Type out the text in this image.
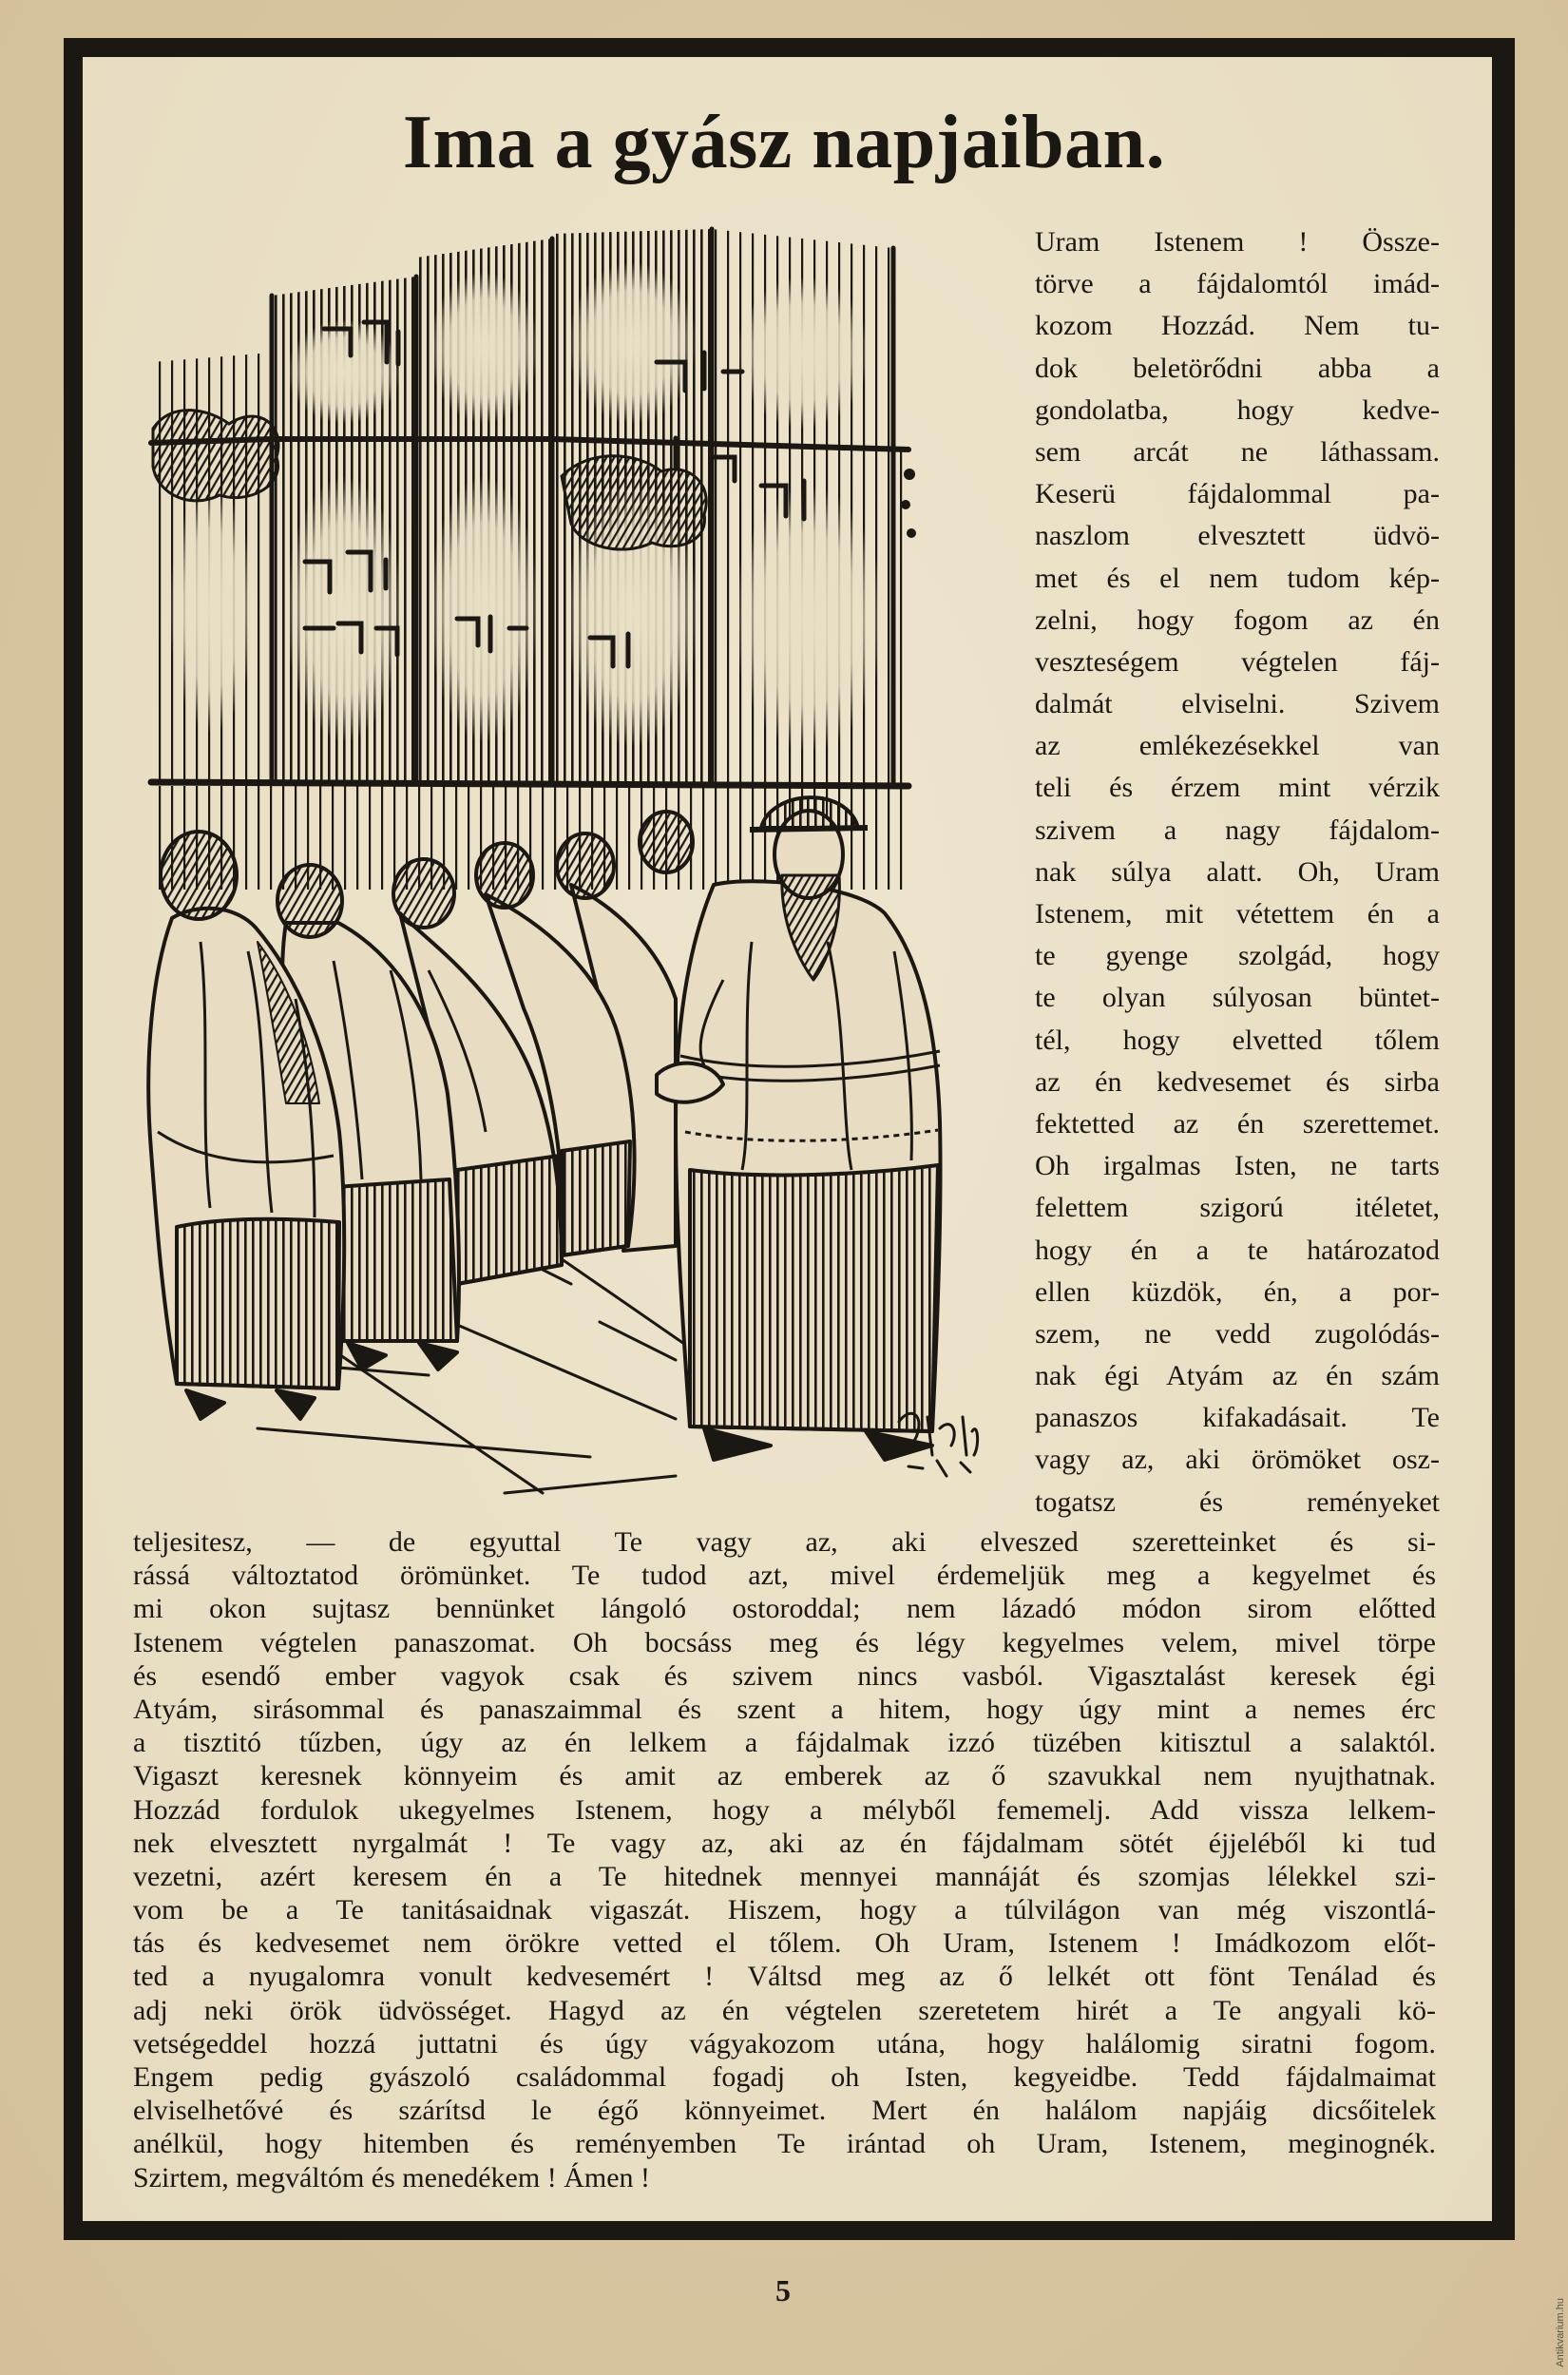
Ima a gyász napjaiban.
Uram Istenem ! Össze-
törve a fájdalomtól imád-
kozom Hozzád. Nem tu-
dok beletörődni abba a
gondolatba, hogy kedve-
sem arcát ne láthassam.
Keserü fájdalommal pa-
naszlom elvesztett üdvö-
met és el nem tudom kép-
zelni, hogy fogom az én
veszteségem végtelen fáj-
dalmát elviselni. Szivem
az emlékezésekkel van
teli és érzem mint vérzik
szivem a nagy fájdalom-
nak súlya alatt. Oh, Uram
Istenem, mit vétettem én a
te gyenge szolgád, hogy
te olyan súlyosan büntet-
tél, hogy elvetted tőlem
az én kedvesemet és sirba
fektetted az én szerettemet.
Oh irgalmas Isten, ne tarts
felettem szigorú itéletet,
hogy én a te határozatod
ellen küzdök, én, a por-
szem, ne vedd zugolódás-
nak égi Atyám az én szám
panaszos kifakadásait. Te
vagy az, aki örömöket osz-
togatsz és reményeket
teljesitesz, — de egyuttal Te vagy az, aki elveszed szeretteinket és si-
rássá változtatod örömünket. Te tudod azt, mivel érdemeljük meg a kegyelmet és
mi okon sujtasz bennünket lángoló ostoroddal; nem lázadó módon sirom előtted
Istenem végtelen panaszomat. Oh bocsáss meg és légy kegyelmes velem, mivel törpe
és esendő ember vagyok csak és szivem nincs vasból. Vigasztalást keresek égi
Atyám, sirásommal és panaszaimmal és szent a hitem, hogy úgy mint a nemes érc
a tisztitó tűzben, úgy az én lelkem a fájdalmak izzó tüzében kitisztul a salaktól.
Vigaszt keresnek könnyeim és amit az emberek az ő szavukkal nem nyujthatnak.
Hozzád fordulok ukegyelmes Istenem, hogy a mélyből fememelj. Add vissza lelkem-
nek elvesztett nyrgalmát ! Te vagy az, aki az én fájdalmam sötét éjjeléből ki tud
vezetni, azért keresem én a Te hitednek mennyei mannáját és szomjas lélekkel szi-
vom be a Te tanitásaidnak vigaszát. Hiszem, hogy a túlvilágon van még viszontlá-
tás és kedvesemet nem örökre vetted el tőlem. Oh Uram, Istenem ! Imádkozom előt-
ted a nyugalomra vonult kedvesemért ! Váltsd meg az ő lelkét ott fönt Tenálad és
adj neki örök üdvösséget. Hagyd az én végtelen szeretetem hirét a Te angyali kö-
vetségeddel hozzá juttatni és úgy vágyakozom utána, hogy halálomig siratni fogom.
Engem pedig gyászoló családommal fogadj oh Isten, kegyeidbe. Tedd fájdalmaimat
elviselhetővé és szárítsd le égő könnyeimet. Mert én halálom napjáig dicsőitelek
anélkül, hogy hitemben és reményemben Te irántad oh Uram, Istenem, meginognék.
Szirtem, megváltóm és menedékem ! Ámen !
5
Antikvarium.hu
